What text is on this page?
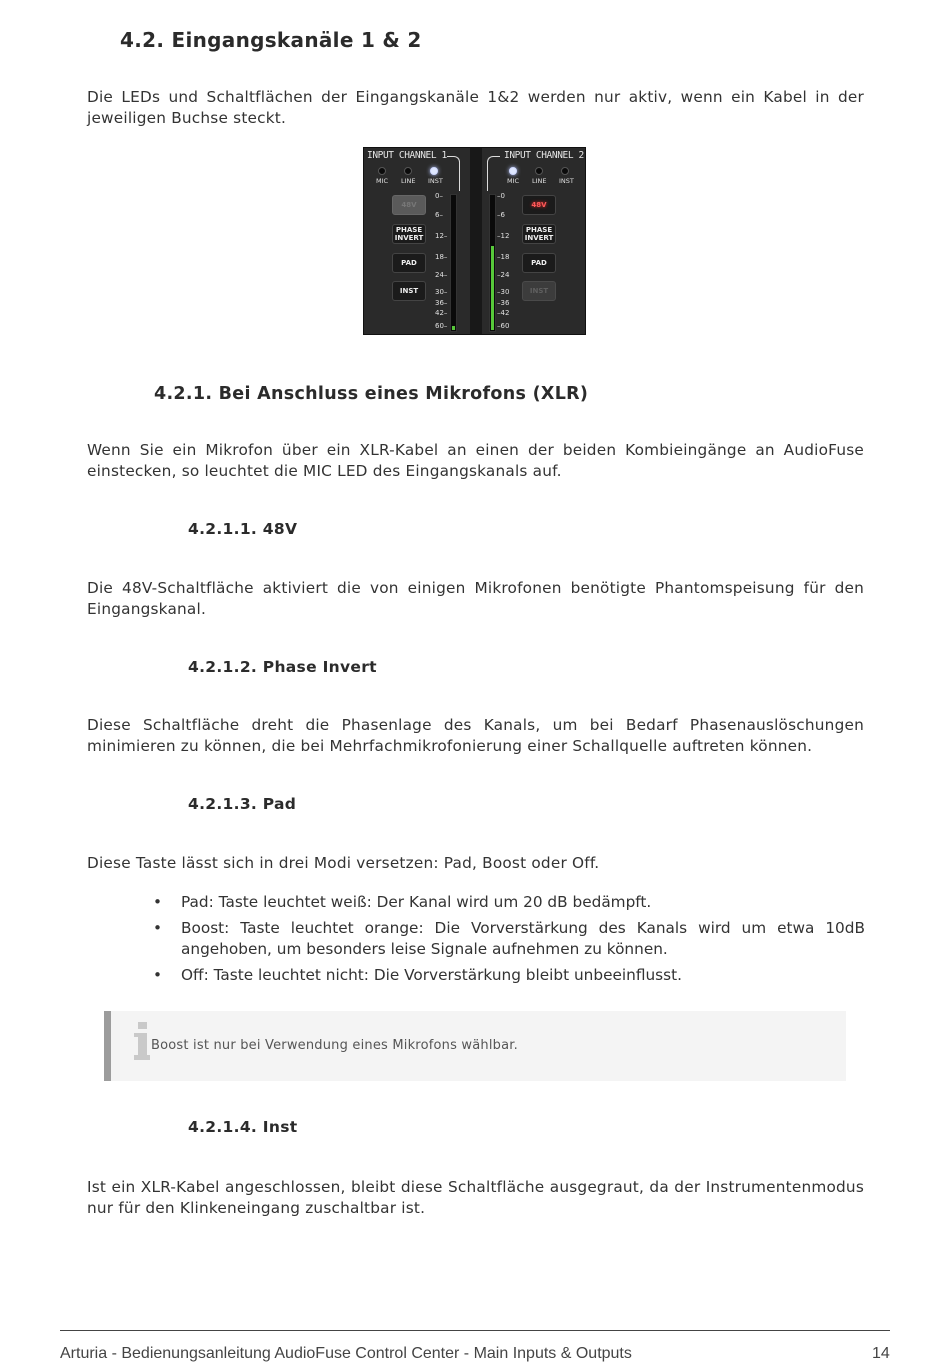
4.2. Eingangskanäle 1 & 2

Die LEDs und Schaltflächen der Eingangskanäle 1&2 werden nur aktiv, wenn ein Kabel in der jeweiligen Buchse steckt.

INPUT CHANNEL 1
MIC LINE INST
48V
PHASE
INVERT
PAD
INST
0–
6–
12–
18–
24–
30–
36–
42–
60–
INPUT CHANNEL 2
MIC LINE INST
48V
PHASE
INVERT
PAD
INST
–0
–6
–12
–18
–24
–30
–36
–42
–60
4.2.1. Bei Anschluss eines Mikrofons (XLR)

Wenn Sie ein Mikrofon über ein XLR-Kabel an einen der beiden Kombieingänge an AudioFuse einstecken, so leuchtet die MIC LED des Eingangskanals auf.

4.2.1.1. 48V

Die 48V-Schaltfläche aktiviert die von einigen Mikrofonen benötigte Phantomspeisung für den Eingangskanal.

4.2.1.2. Phase Invert

Diese Schaltfläche dreht die Phasenlage des Kanals, um bei Bedarf Phasenauslöschungen minimieren zu können, die bei Mehrfachmikrofonierung einer Schallquelle auftreten können.

4.2.1.3. Pad

Diese Taste lässt sich in drei Modi versetzen: Pad, Boost oder Off.

• Pad: Taste leuchtet weiß: Der Kanal wird um 20 dB bedämpft.
• Boost: Taste leuchtet orange: Die Vorverstärkung des Kanals wird um etwa 10dB angehoben, um besonders leise Signale aufnehmen zu können.
• Off: Taste leuchtet nicht: Die Vorverstärkung bleibt unbeeinflusst.
Boost ist nur bei Verwendung eines Mikrofons wählbar.
4.2.1.4. Inst

Ist ein XLR-Kabel angeschlossen, bleibt diese Schaltfläche ausgegraut, da der Instrumentenmodus nur für den Klinkeneingang zuschaltbar ist.

Arturia - Bedienungsanleitung AudioFuse Control Center - Main Inputs & Outputs	14
